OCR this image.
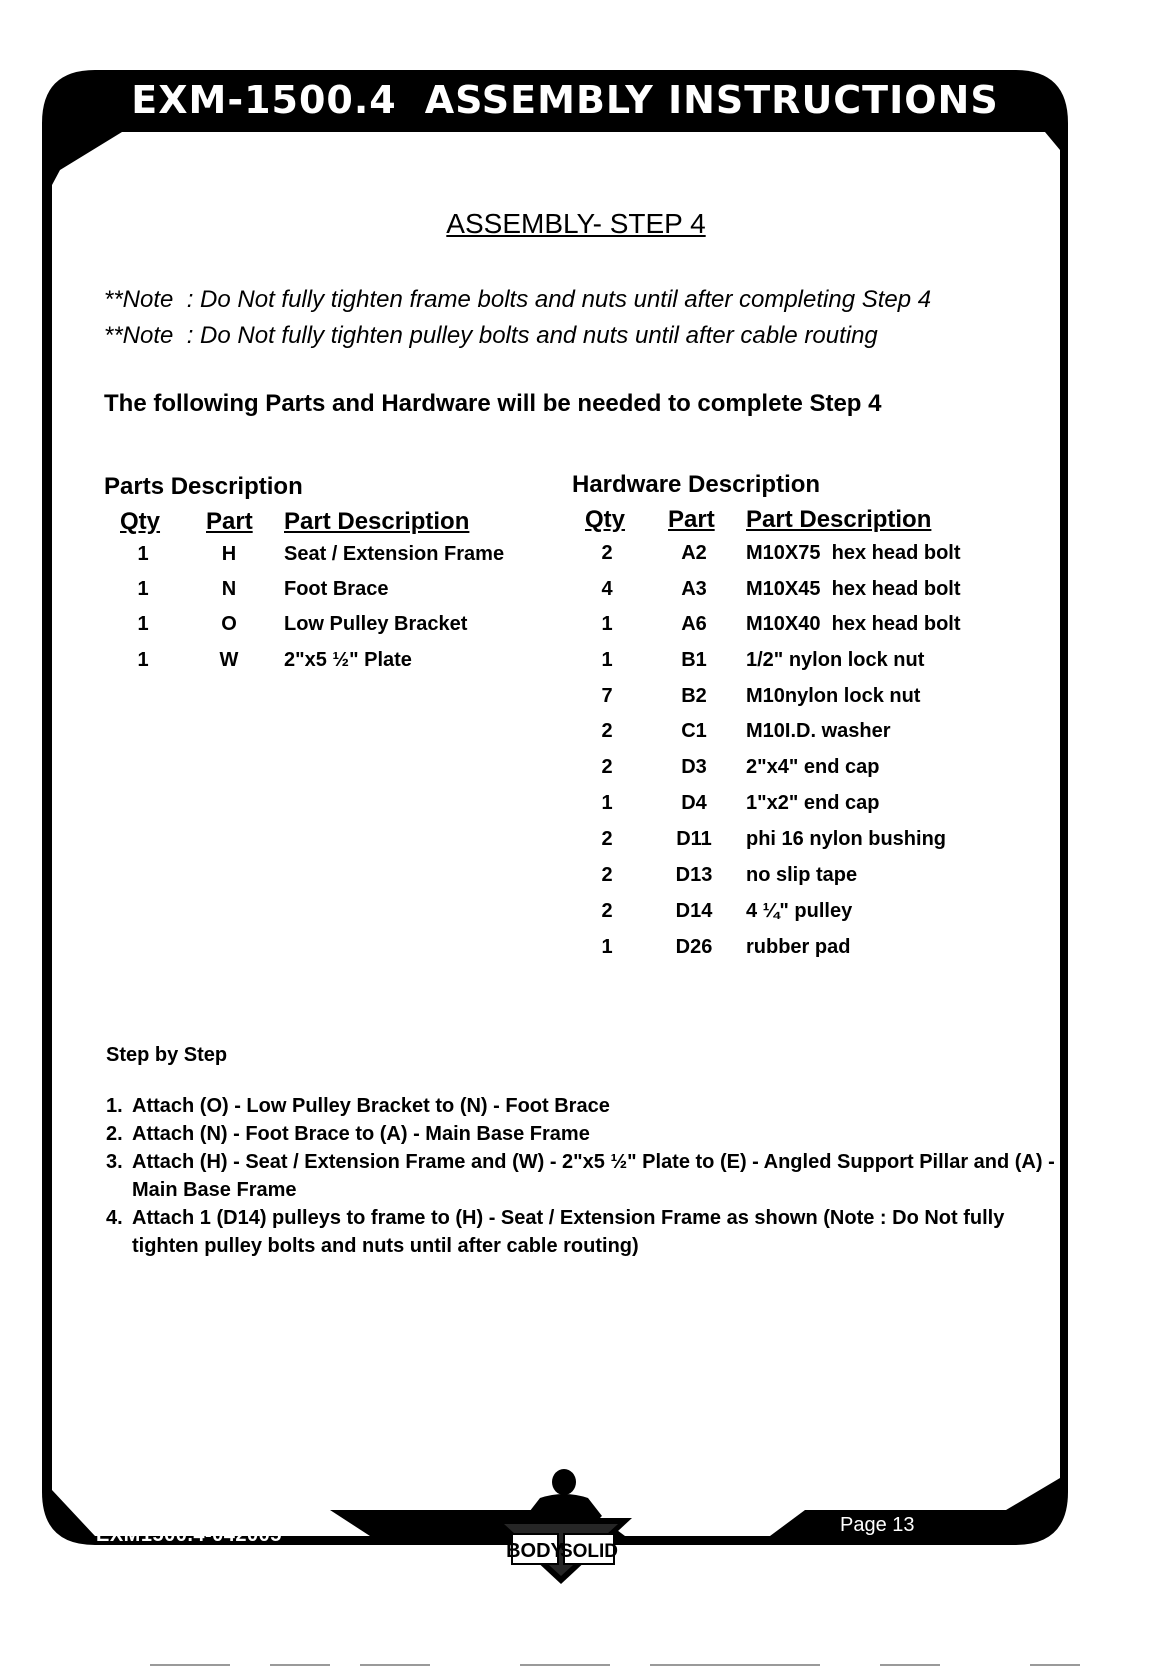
EXM-1500.4 ASSEMBLY INSTRUCTIONS
ASSEMBLY- STEP 4
**Note  : Do Not fully tighten frame bolts and nuts until after completing Step 4
**Note  : Do Not fully tighten pulley bolts and nuts until after cable routing
The following Parts and Hardware will be needed to complete Step 4
Parts Description
Qty Part Part Description
1	H	Seat / Extension Frame
1	N	Foot Brace
1	O	Low Pulley Bracket
1	W 2"x5 ½" Plate
Hardware Description
Qty Part Part Description
2	A2	M10X75  hex head bolt
4	A3	M10X45  hex head bolt
1	A6	M10X40  hex head bolt
1	B1	1/2" nylon lock nut
7	B2	M10nylon lock nut
2	C1	M10I.D. washer
2	D3	2"x4" end cap
1	D4	1"x2" end cap
2	D11	phi 16 nylon bushing
2	D13	no slip tape
2	D14	4 ¼" pulley
1	D26	rubber pad
Step by Step
1. Attach (O) - Low Pulley Bracket to (N) - Foot Brace
2. Attach (N) - Foot Brace to (A) - Main Base Frame
3. Attach (H) - Seat / Extension Frame and (W) - 2"x5 ½" Plate to (E) - Angled Support Pillar and (A) - Main Base Frame
4. Attach 1 (D14) pulleys to frame to (H) - Seat / Extension Frame as shown (Note : Do Not fully tighten pulley bolts and nuts until after cable routing)
EXM1500.4-042005	Page 13
BODY
SOLID
